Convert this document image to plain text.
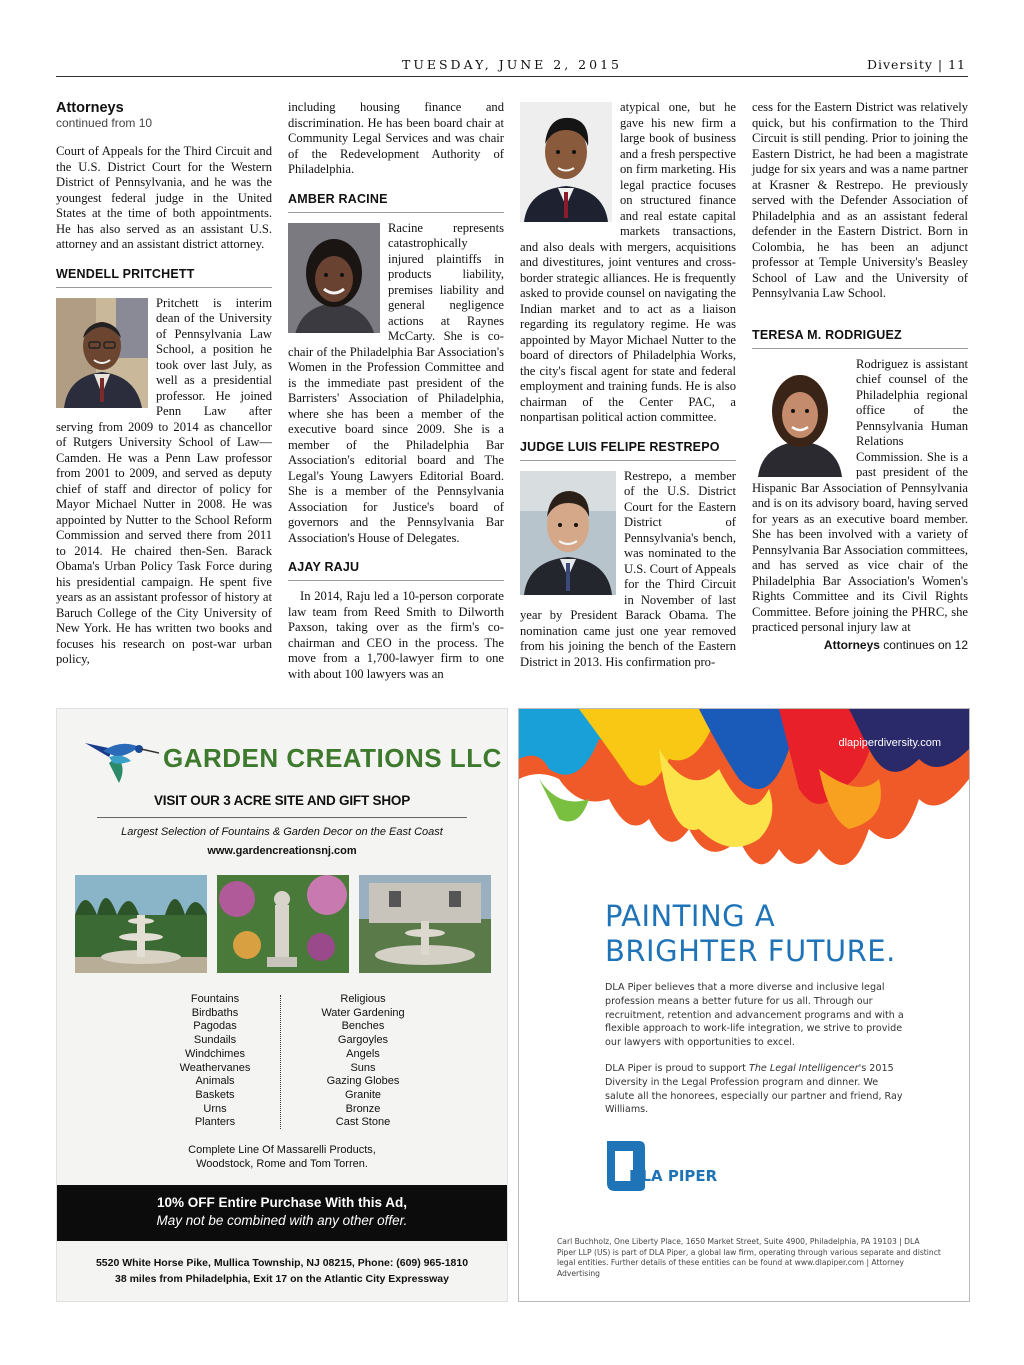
TUESDAY, JUNE 2, 2015	Diversity | 11
Attorneys
continued from 10

Court of Appeals for the Third Circuit and the U.S. District Court for the Western District of Pennsylvania, and he was the youngest federal judge in the United States at the time of both appointments. He has also served as an assistant U.S. attorney and an assistant district attorney.

WENDELL PRITCHETT

Pritchett is interim dean of the University of Pennsylvania Law School, a position he took over last July, as well as a presidential professor. He joined Penn Law after serving from 2009 to 2014 as chancellor of Rutgers University School of Law—Camden. He was a Penn Law professor from 2001 to 2009, and served as deputy chief of staff and director of policy for Mayor Michael Nutter in 2008. He was appointed by Nutter to the School Reform Commission and served there from 2011 to 2014. He chaired then-Sen. Barack Obama's Urban Policy Task Force during his presidential campaign. He spent five years as an assistant professor of history at Baruch College of the City University of New York. He has written two books and focuses his research on post-war urban policy,

including housing finance and discrimination. He has been board chair at Community Legal Services and was chair of the Redevelopment Authority of Philadelphia.

AMBER RACINE

Racine represents catastrophically injured plaintiffs in products liability, premises liability and general negligence actions at Raynes McCarty. She is co-chair of the Philadelphia Bar Association's Women in the Profession Committee and is the immediate past president of the Barristers' Association of Philadelphia, where she has been a member of the executive board since 2009. She is a member of the Philadelphia Bar Association's editorial board and The Legal's Young Lawyers Editorial Board. She is a member of the Pennsylvania Association for Justice's board of governors and the Pennsylvania Bar Association's House of Delegates.

AJAY RAJU

In 2014, Raju led a 10-person corporate law team from Reed Smith to Dilworth Paxson, taking over as the firm's co-chairman and CEO in the process. The move from a 1,700-lawyer firm to one with about 100 lawyers was an

atypical one, but he gave his new firm a large book of business and a fresh perspective on firm marketing. His legal practice focuses on structured finance and real estate capital markets transactions, and also deals with mergers, acquisitions and divestitures, joint ventures and cross-border strategic alliances. He is frequently asked to provide counsel on navigating the Indian market and to act as a liaison regarding its regulatory regime. He was appointed by Mayor Michael Nutter to the board of directors of Philadelphia Works, the city's fiscal agent for state and federal employment and training funds. He is also chairman of the Center PAC, a nonpartisan political action committee.

JUDGE LUIS FELIPE RESTREPO

Restrepo, a member of the U.S. District Court for the Eastern District of Pennsylvania's bench, was nominated to the U.S. Court of Appeals for the Third Circuit in November of last year by President Barack Obama. The nomination came just one year removed from his joining the bench of the Eastern District in 2013. His confirmation pro-

cess for the Eastern District was relatively quick, but his confirmation to the Third Circuit is still pending. Prior to joining the Eastern District, he had been a magistrate judge for six years and was a name partner at Krasner & Restrepo. He previously served with the Defender Association of Philadelphia and as an assistant federal defender in the Eastern District. Born in Colombia, he has been an adjunct professor at Temple University's Beasley School of Law and the University of Pennsylvania Law School.

TERESA M. RODRIGUEZ

Rodriguez is assistant chief counsel of the Philadelphia regional office of the Pennsylvania Human Relations Commission. She is a past president of the Hispanic Bar Association of Pennsylvania and is on its advisory board, having served for years as an executive board member. She has been involved with a variety of Pennsylvania Bar Association committees, and has served as vice chair of the Philadelphia Bar Association's Women's Rights Committee and its Civil Rights Committee. Before joining the PHRC, she practiced personal injury law at

Attorneys continues on 12
GARDEN CREATIONS LLC
VISIT OUR 3 ACRE SITE AND GIFT SHOP
Largest Selection of Fountains & Garden Decor on the East Coast
www.gardencreationsnj.com
Fountains
Birdbaths
Pagodas
Sundails
Windchimes
Weathervanes
Animals
Baskets
Urns
Planters
Religious
Water Gardening
Benches
Gargoyles
Angels
Suns
Gazing Globes
Granite
Bronze
Cast Stone
Complete Line Of Massarelli Products,
Woodstock, Rome and Tom Torren.
10% OFF Entire Purchase With this Ad,
May not be combined with any other offer.
5520 White Horse Pike, Mullica Township, NJ 08215, Phone: (609) 965-1810
38 miles from Philadelphia, Exit 17 on the Atlantic City Expressway
dlapiperdiversity.com
PAINTING A
BRIGHTER FUTURE.

DLA Piper believes that a more diverse and inclusive legal profession means a better future for us all. Through our recruitment, retention and advancement programs and with a flexible approach to work-life integration, we strive to provide our lawyers with opportunities to excel.

DLA Piper is proud to support The Legal Intelligencer's 2015 Diversity in the Legal Profession program and dinner. We salute all the honorees, especially our partner and friend, Ray Williams.

DLA PIPER
Carl Buchholz, One Liberty Place, 1650 Market Street, Suite 4900, Philadelphia, PA 19103 | DLA Piper LLP (US) is part of DLA Piper, a global law firm, operating through various separate and distinct legal entities. Further details of these entities can be found at www.dlapiper.com | Attorney Advertising
